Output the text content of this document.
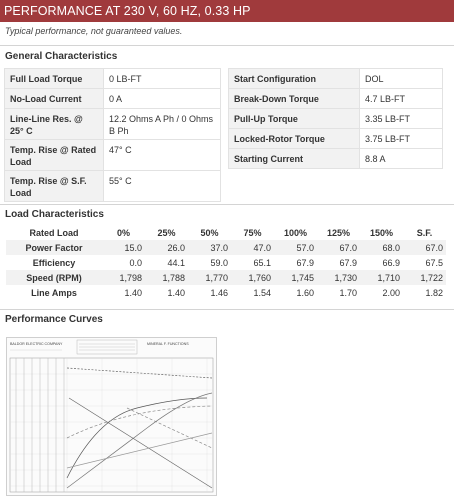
PERFORMANCE AT 230 V, 60 HZ, 0.33 HP
Typical performance, not guaranteed values.
General Characteristics
Full Load Torque	0 LB-FT
No-Load Current	0 A
Line-Line Res. @ 25° C	12.2 Ohms A Ph / 0 Ohms B Ph
Temp. Rise @ Rated Load	47° C
Temp. Rise @ S.F. Load	55° C
Start Configuration	DOL
Break-Down Torque	4.7 LB-FT
Pull-Up Torque	3.35 LB-FT
Locked-Rotor Torque	3.75 LB-FT
Starting Current	8.8 A
Load Characteristics
Rated Load	0%	25%	50%	75%	100%	125%	150%	S.F.
Power Factor	15.0	26.0	37.0	47.0	57.0	67.0	68.0	67.0
Efficiency	0.0	44.1	59.0	65.1	67.9	67.9	66.9	67.5
Speed (RPM)	1,798	1,788	1,770	1,760	1,745	1,730	1,710	1,722
Line Amps	1.40	1.40	1.46	1.54	1.60	1.70	2.00	1.82
Performance Curves
BALDOR ELECTRIC COMPANY	MINERAL F. FUNCTIONS
